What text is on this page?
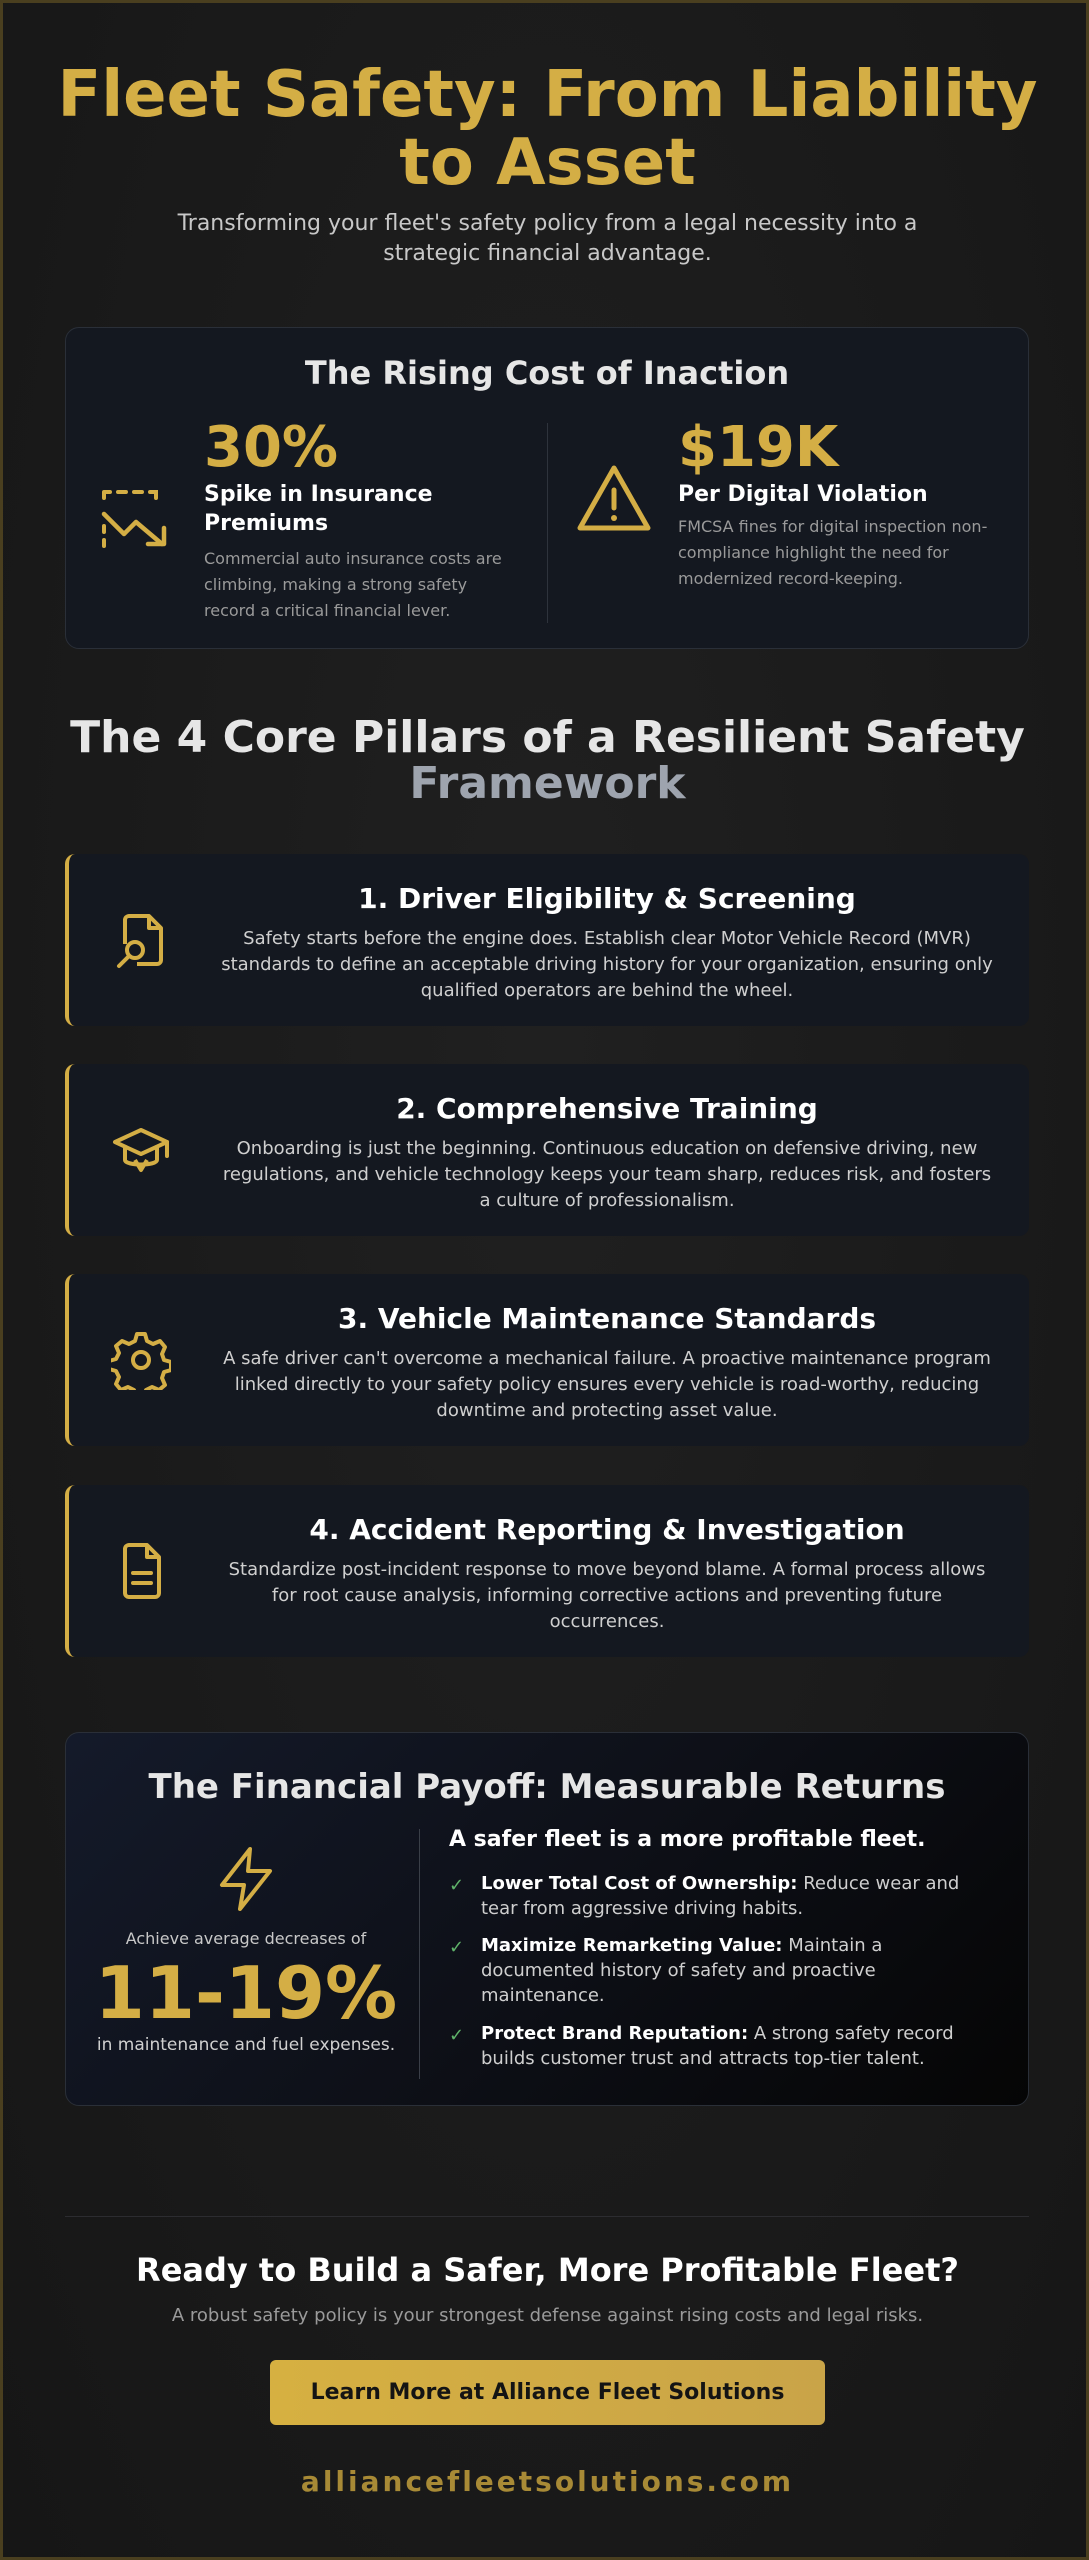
Fleet Safety: From Liability
to Asset

Transforming your fleet's safety policy from a legal necessity into a
strategic financial advantage.

The Rising Cost of Inaction
30%
Spike in Insurance
Premiums
Commercial auto insurance costs are
climbing, making a strong safety
record a critical financial lever.
$19K
Per Digital Violation
FMCSA fines for digital inspection non-
compliance highlight the need for
modernized record-keeping.
The 4 Core Pillars of a Resilient Safety
Framework
1. Driver Eligibility & Screening
Safety starts before the engine does. Establish clear Motor Vehicle Record (MVR)
standards to define an acceptable driving history for your organization, ensuring only
qualified operators are behind the wheel.
2. Comprehensive Training
Onboarding is just the beginning. Continuous education on defensive driving, new
regulations, and vehicle technology keeps your team sharp, reduces risk, and fosters
a culture of professionalism.
3. Vehicle Maintenance Standards
A safe driver can't overcome a mechanical failure. A proactive maintenance program
linked directly to your safety policy ensures every vehicle is road-worthy, reducing
downtime and protecting asset value.
4. Accident Reporting & Investigation
Standardize post-incident response to move beyond blame. A formal process allows
for root cause analysis, informing corrective actions and preventing future
occurrences.
The Financial Payoff: Measurable Returns
Achieve average decreases of
11-19%
in maintenance and fuel expenses.
A safer fleet is a more profitable fleet.
✓ Lower Total Cost of Ownership: Reduce wear and
tear from aggressive driving habits.
✓ Maximize Remarketing Value: Maintain a
documented history of safety and proactive
maintenance.
✓ Protect Brand Reputation: A strong safety record
builds customer trust and attracts top-tier talent.
Ready to Build a Safer, More Profitable Fleet?

A robust safety policy is your strongest defense against rising costs and legal risks.

Learn More at Alliance Fleet Solutions
alliancefleetsolutions.com
